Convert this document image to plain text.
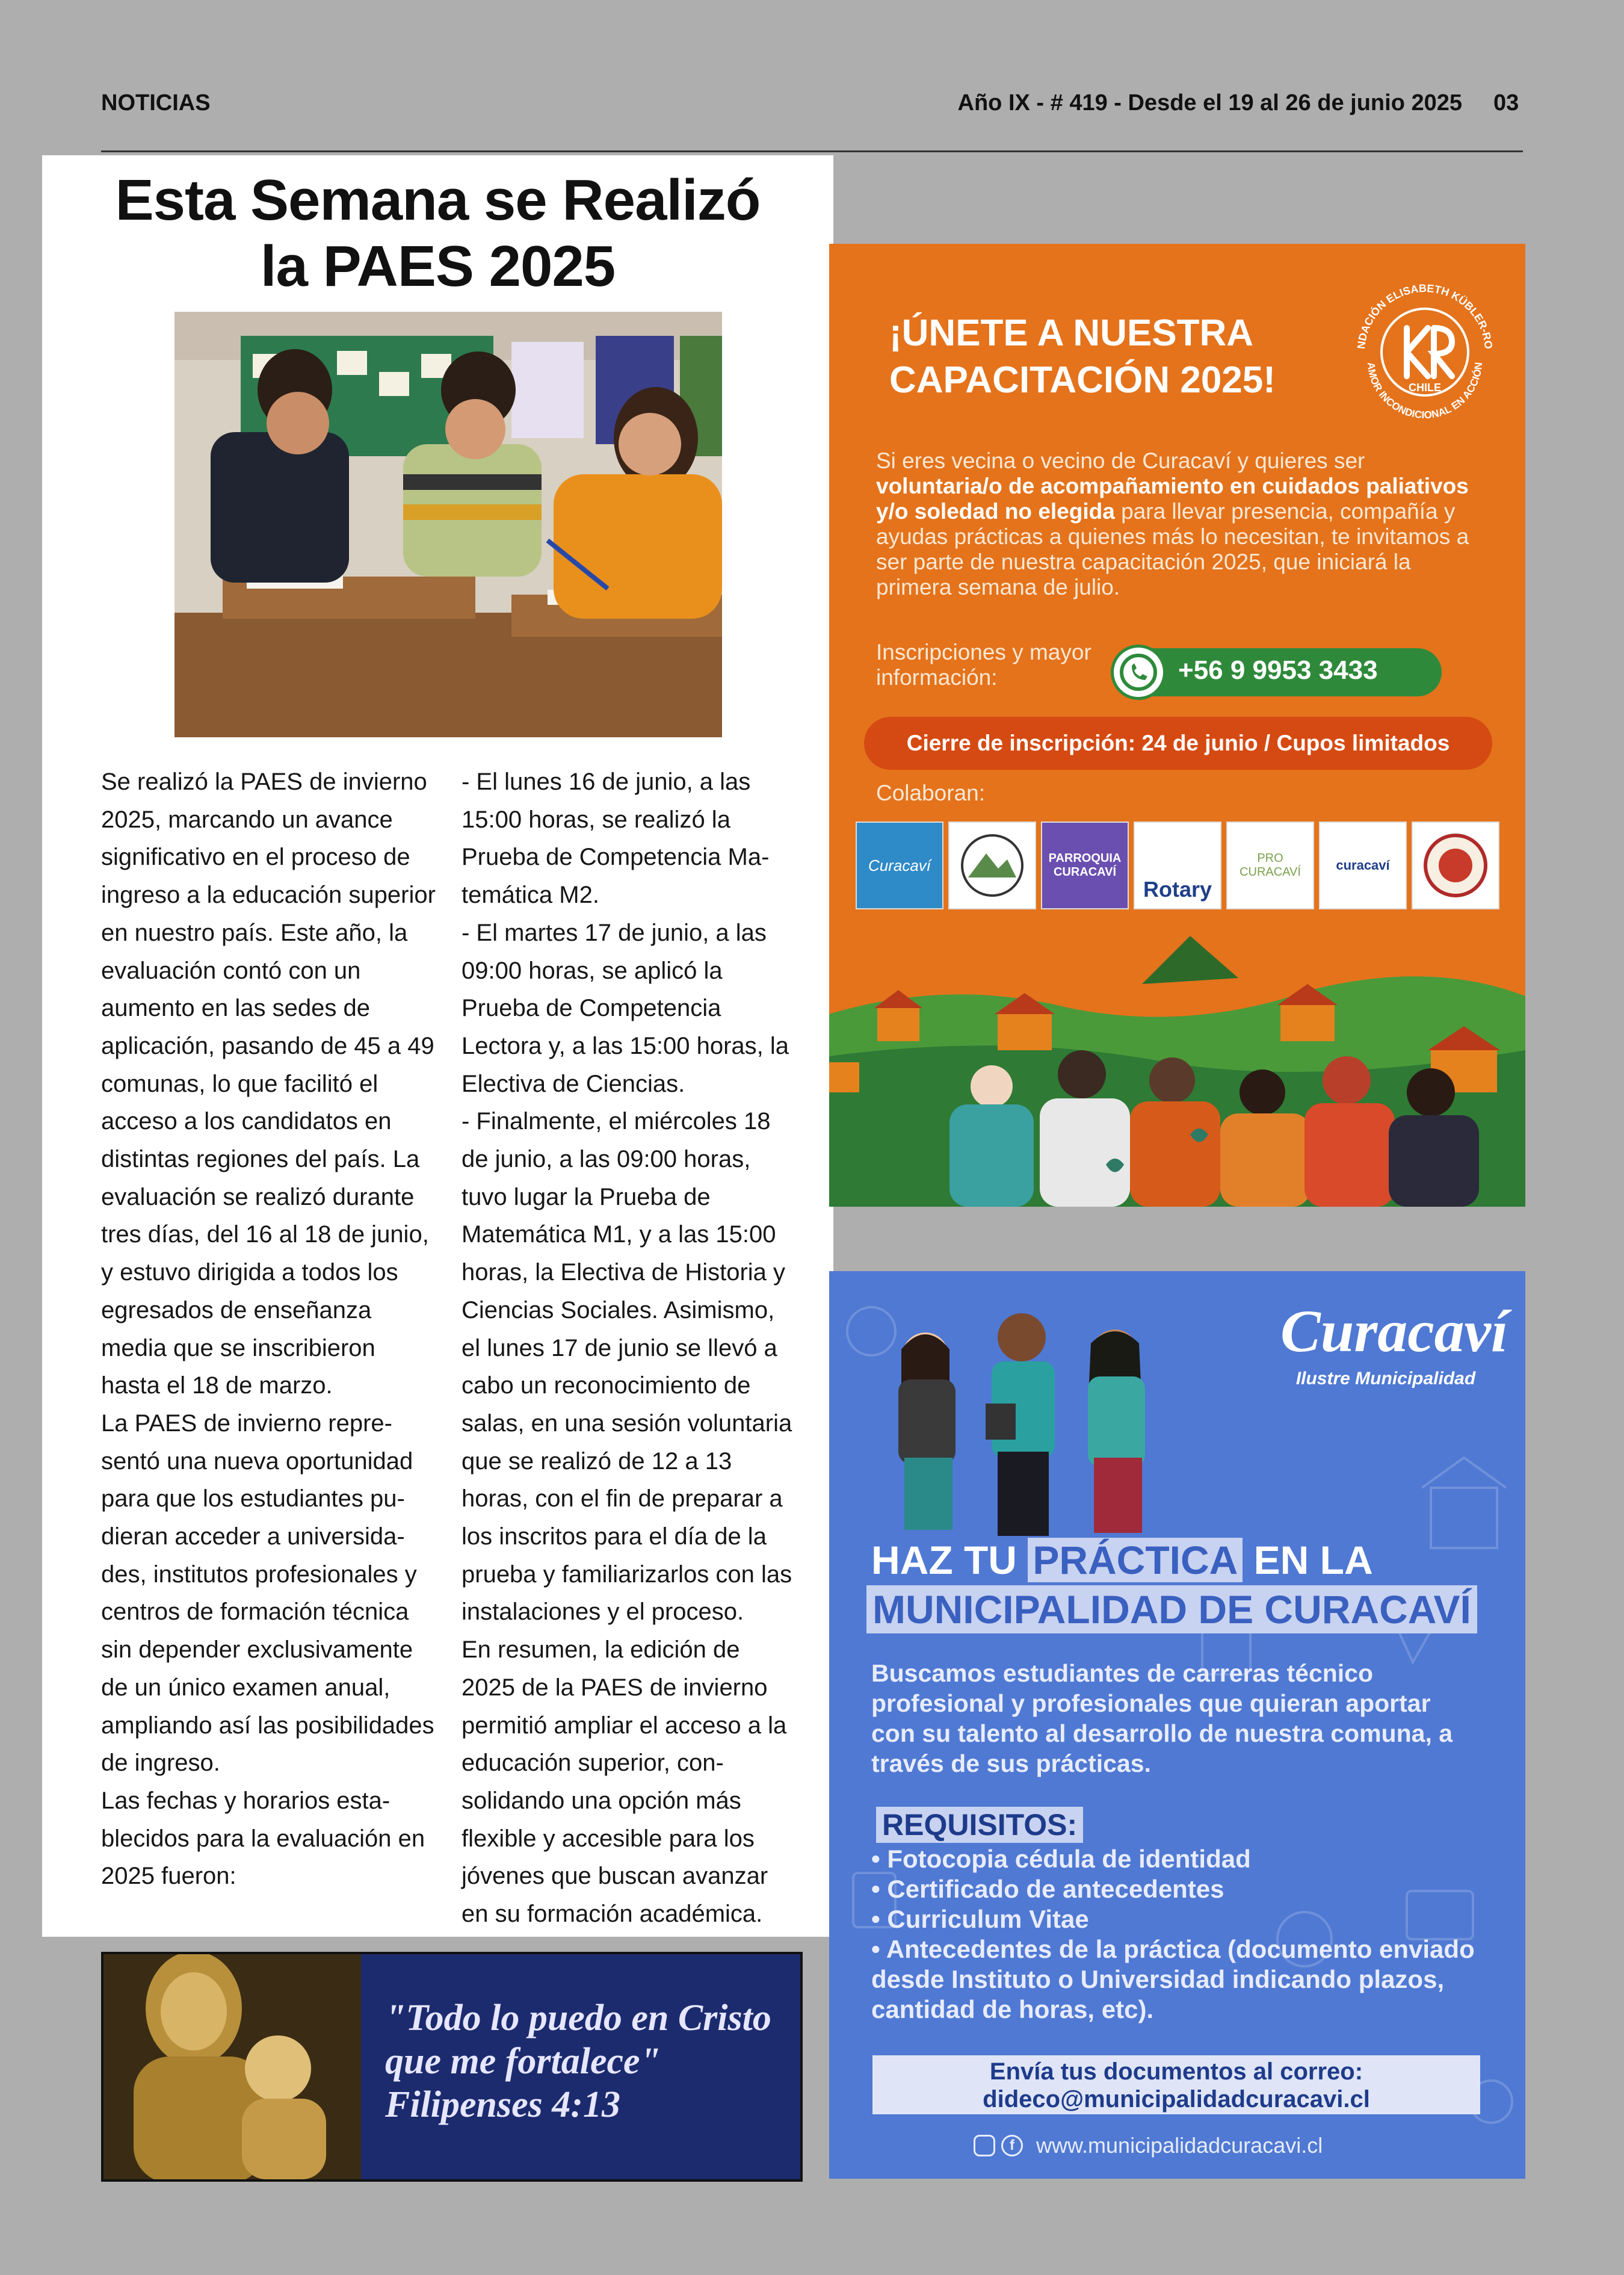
NOTICIAS	Año IX - # 419 - Desde el 19 al 26 de junio 2025 03
Esta Semana se Realizó
la PAES 2025

Se realizó la PAES de invierno 2025, marcando un avance significativo en el proceso de ingreso a la educación superior en nuestro país. Este año, la evaluación contó con un aumento en las sedes de aplicación, pasando de 45 a 49 comunas, lo que facilitó el acceso a los candidatos en distintas regiones del país. La evaluación se realizó durante tres días, del 16 al 18 de junio, y estuvo dirigida a todos los egresados de enseñanza media que se inscribieron hasta el 18 de marzo.

La PAES de invierno representó una nueva oportunidad para que los estudiantes pudieran acceder a universidades, institutos profesionales y centros de formación técnica sin depender exclusivamente de un único examen anual, ampliando así las posibilidades de ingreso.

Las fechas y horarios establecidos para la evaluación en 2025 fueron:

- El lunes 16 de junio, a las 15:00 horas, se realizó la Prueba de Competencia Matemática M2.

- El martes 17 de junio, a las 09:00 horas, se aplicó la Prueba de Competencia Lectora y, a las 15:00 horas, la Electiva de Ciencias.

- Finalmente, el miércoles 18 de junio, a las 09:00 horas, tuvo lugar la Prueba de Matemática M1, y a las 15:00 horas, la Electiva de Historia y Ciencias Sociales. Asimismo, el lunes 17 de junio se llevó a cabo un reconocimiento de salas, en una sesión voluntaria que se realizó de 12 a 13 horas, con el fin de preparar a los inscritos para el día de la prueba y familiarizarlos con las instalaciones y el proceso.

En resumen, la edición de 2025 de la PAES de invierno permitió ampliar el acceso a la educación superior, consolidando una opción más flexible y accesible para los jóvenes que buscan avanzar en su formación académica.

"Todo lo puedo en Cristo
que me fortalece"
Filipenses 4:13
¡ÚNETE A NUESTRA
CAPACITACIÓN 2025!
NDACIÓN ELISABETH KÜBLER-RO
AMOR INCONDICIONAL EN ACCIÓN
CHILE
Si eres vecina o vecino de Curacaví y quieres ser voluntaria/o de acompañamiento en cuidados paliativos y/o soledad no elegida para llevar presencia, compañía y ayudas prácticas a quienes más lo necesitan, te invitamos a ser parte de nuestra capacitación 2025, que iniciará la primera semana de julio.
Inscripciones y mayor información:	+56 9 9953 3433
Cierre de inscripción: 24 de junio / Cupos limitados
Colaboran:
Curacaví	PARROQUIA CURACAVÍ
Rotary
PRO CURACAVÍ	curacaví
Curacaví
Ilustre Municipalidad
HAZ TU PRÁCTICA EN LA
MUNICIPALIDAD DE CURACAVÍ
Buscamos estudiantes de carreras técnico profesional y profesionales que quieran aportar con su talento al desarrollo de nuestra comuna, a través de sus prácticas.
REQUISITOS:
• Fotocopia cédula de identidad
• Certificado de antecedentes
• Curriculum Vitae
• Antecedentes de la práctica (documento enviado desde Instituto o Universidad indicando plazos, cantidad de horas, etc).
Envía tus documentos al correo:
dideco@municipalidadcuracavi.cl
f www.municipalidadcuracavi.cl
